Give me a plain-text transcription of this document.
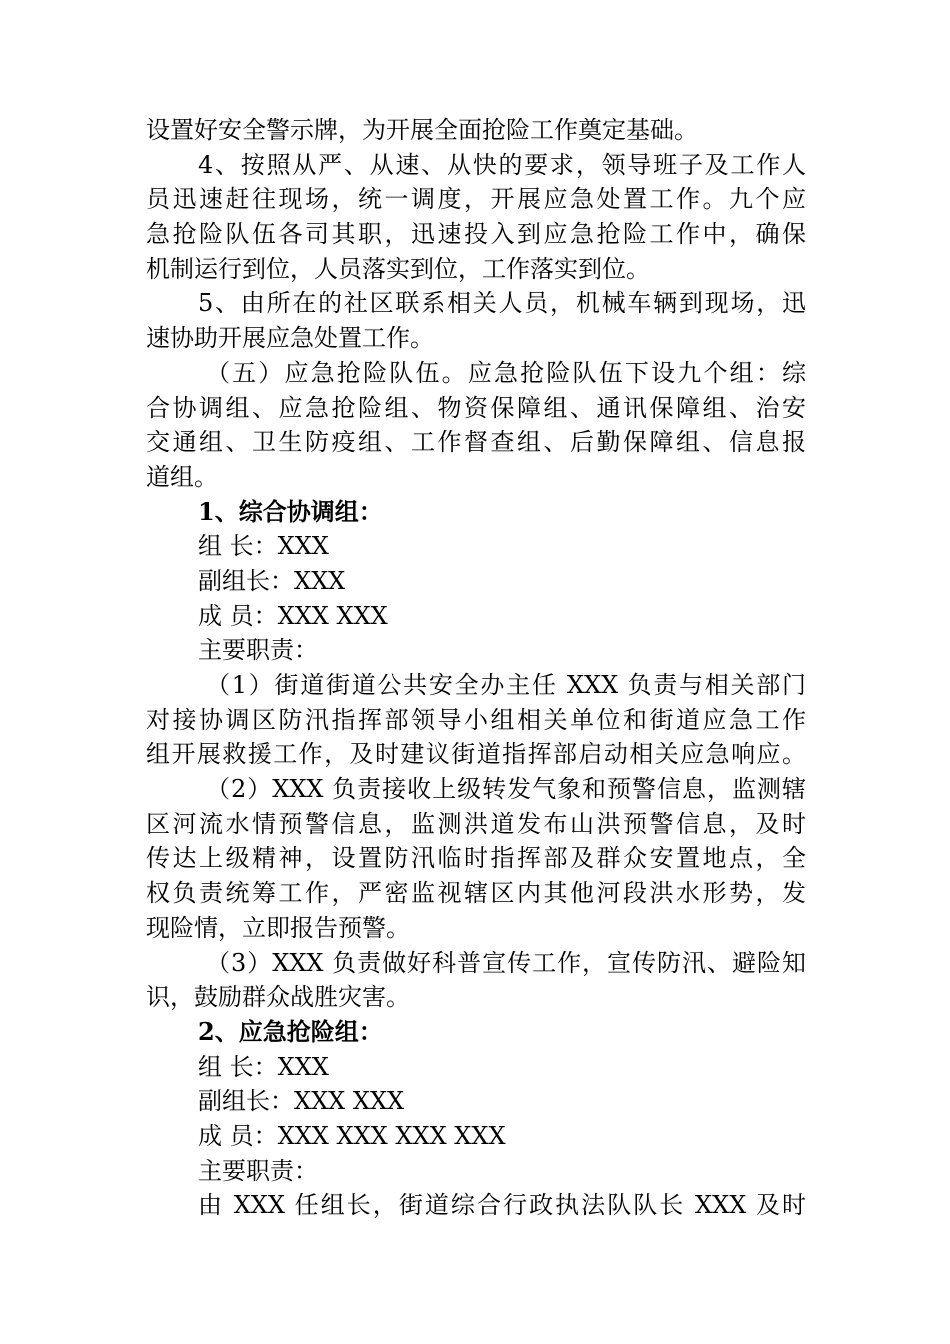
设置好安全警示牌，为开展全面抢险工作奠定基础。
4、按照从严、从速、从快的要求，领导班子及工作人
员迅速赶往现场，统一调度，开展应急处置工作。九个应
急抢险队伍各司其职，迅速投入到应急抢险工作中，确保
机制运行到位，人员落实到位，工作落实到位。
5、由所在的社区联系相关人员，机械车辆到现场，迅
速协助开展应急处置工作。
（五）应急抢险队伍。应急抢险队伍下设九个组：综
合协调组、应急抢险组、物资保障组、通讯保障组、治安
交通组、卫生防疫组、工作督查组、后勤保障组、信息报
道组。
1、综合协调组：
组 长：XXX
副组长：XXX
成 员：XXX XXX
主要职责：
（1）街道街道公共安全办主任 XXX 负责与相关部门
对接协调区防汛指挥部领导小组相关单位和街道应急工作
组开展救援工作，及时建议街道指挥部启动相关应急响应。
（2）XXX 负责接收上级转发气象和预警信息，监测辖
区河流水情预警信息，监测洪道发布山洪预警信息，及时
传达上级精神，设置防汛临时指挥部及群众安置地点，全
权负责统筹工作，严密监视辖区内其他河段洪水形势，发
现险情，立即报告预警。
（3）XXX 负责做好科普宣传工作，宣传防汛、避险知
识，鼓励群众战胜灾害。
2、应急抢险组：
组 长：XXX
副组长：XXX XXX
成 员：XXX XXX XXX XXX
主要职责：
由 XXX 任组长，街道综合行政执法队队长 XXX 及时
